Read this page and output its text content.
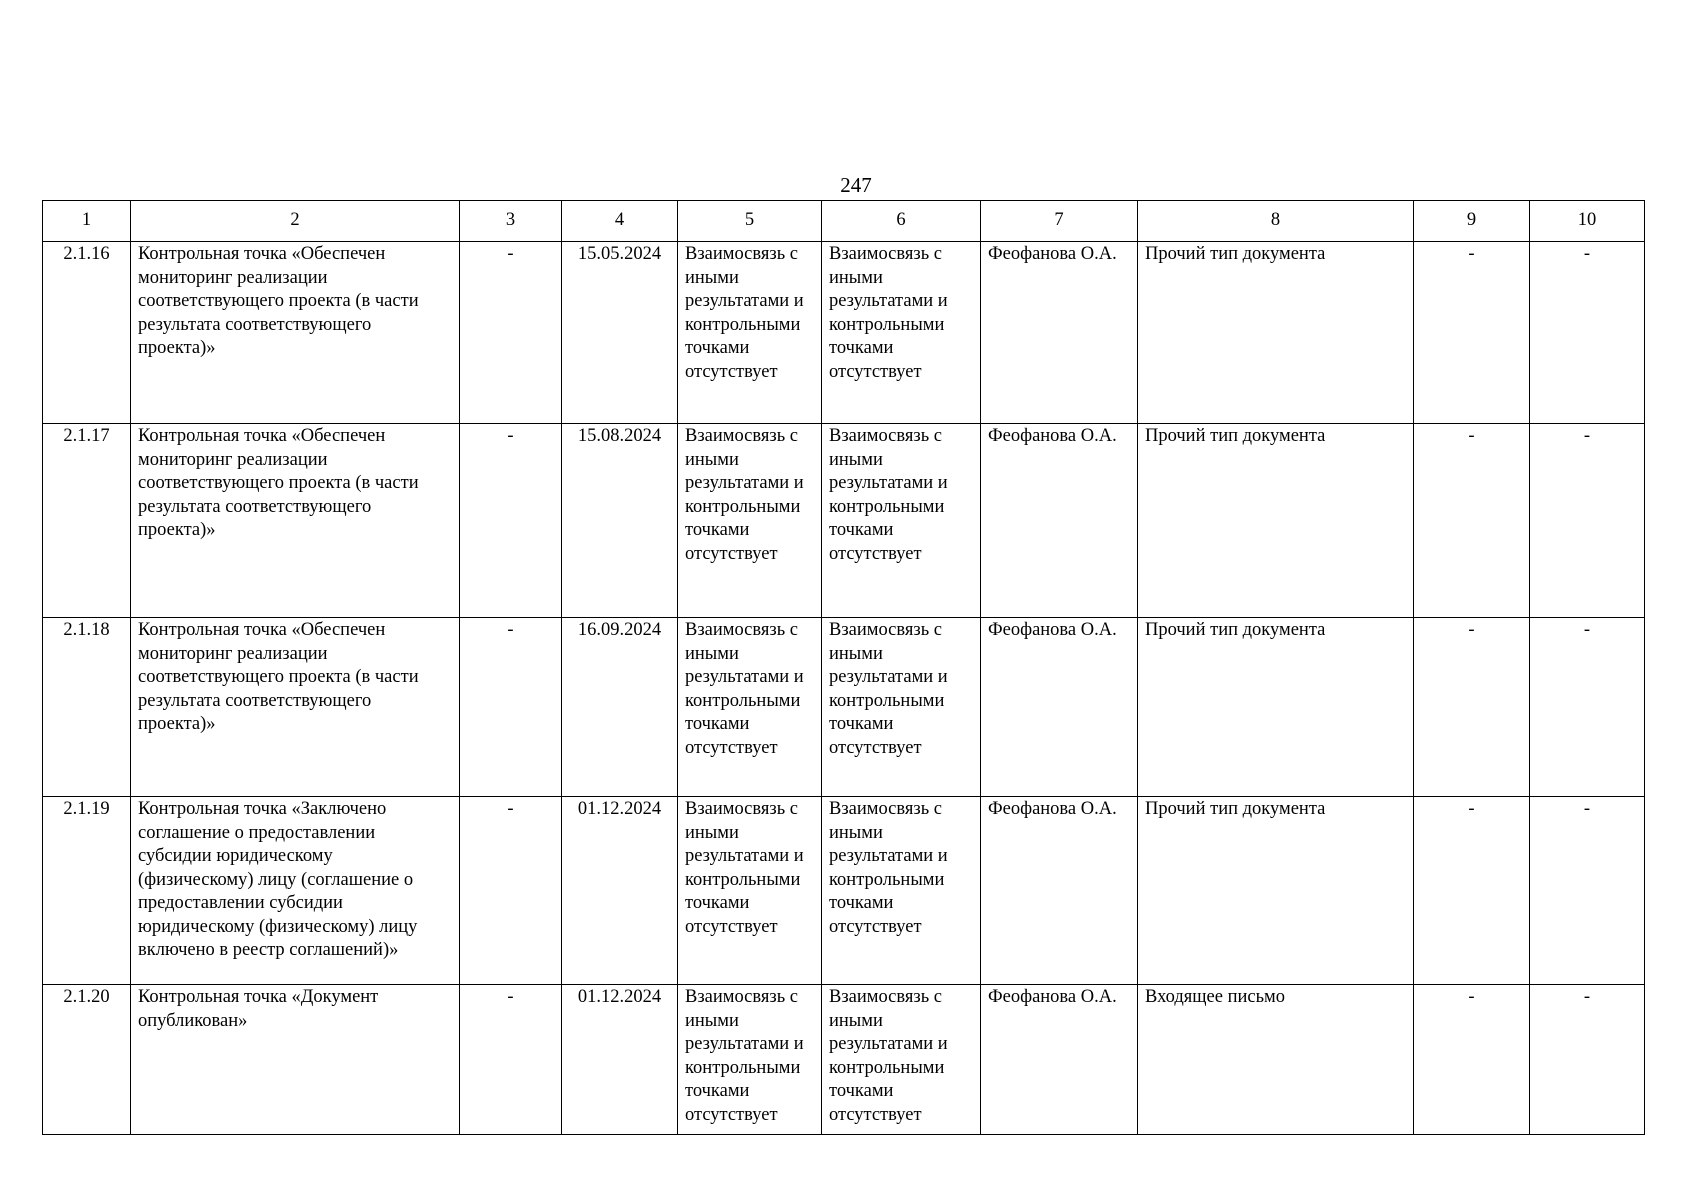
247
1	2	3	4	5	6	7	8	9	10
2.1.16	Контрольная точка «Обеспечен мониторинг реализации соответствующего проекта (в части результата соответствующего проекта)»	-	15.05.2024	Взаимосвязь с иными результатами и контрольными точками отсутствует	Взаимосвязь с иными результатами и контрольными точками отсутствует	Феофанова О.А.	Прочий тип документа	-	-
2.1.17	Контрольная точка «Обеспечен мониторинг реализации соответствующего проекта (в части результата соответствующего проекта)»	-	15.08.2024	Взаимосвязь с иными результатами и контрольными точками отсутствует	Взаимосвязь с иными результатами и контрольными точками отсутствует	Феофанова О.А.	Прочий тип документа	-	-
2.1.18	Контрольная точка «Обеспечен мониторинг реализации соответствующего проекта (в части результата соответствующего проекта)»	-	16.09.2024	Взаимосвязь с иными результатами и контрольными точками отсутствует	Взаимосвязь с иными результатами и контрольными точками отсутствует	Феофанова О.А.	Прочий тип документа	-	-
2.1.19	Контрольная точка «Заключено соглашение о предоставлении субсидии юридическому (физическому) лицу (соглашение о предоставлении субсидии юридическому (физическому) лицу включено в реестр соглашений)»	-	01.12.2024	Взаимосвязь с иными результатами и контрольными точками отсутствует	Взаимосвязь с иными результатами и контрольными точками отсутствует	Феофанова О.А.	Прочий тип документа	-	-
2.1.20	Контрольная точка «Документ опубликован»	-	01.12.2024	Взаимосвязь с иными результатами и контрольными точками отсутствует	Взаимосвязь с иными результатами и контрольными точками отсутствует	Феофанова О.А.	Входящее письмо	-	-
